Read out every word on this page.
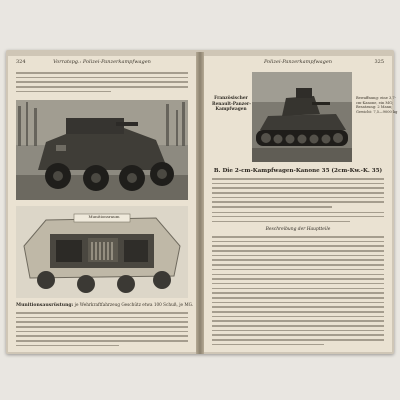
324	Vorratspg.: Polizei-Panzerkampfwagen
Munitionsraum
Munitionsausrüstung: je Wehrkraftfahrzeug Geschütz etwa 100 Schuß, je MG.
Polizei-Panzerkampfwagen	325
Französischer
Renault-Panzer-
Kampfwagen
Bewaffnung: eine 3,7-
cm-Kanone, ein MG;
Besatzung: 2 Mann;
Gewicht: 7,5—9000 kg
B. Die 2-cm-Kampfwagen-Kanone 35 (2cm-Kw.-K. 35)
Beschreibung der Hauptteile
